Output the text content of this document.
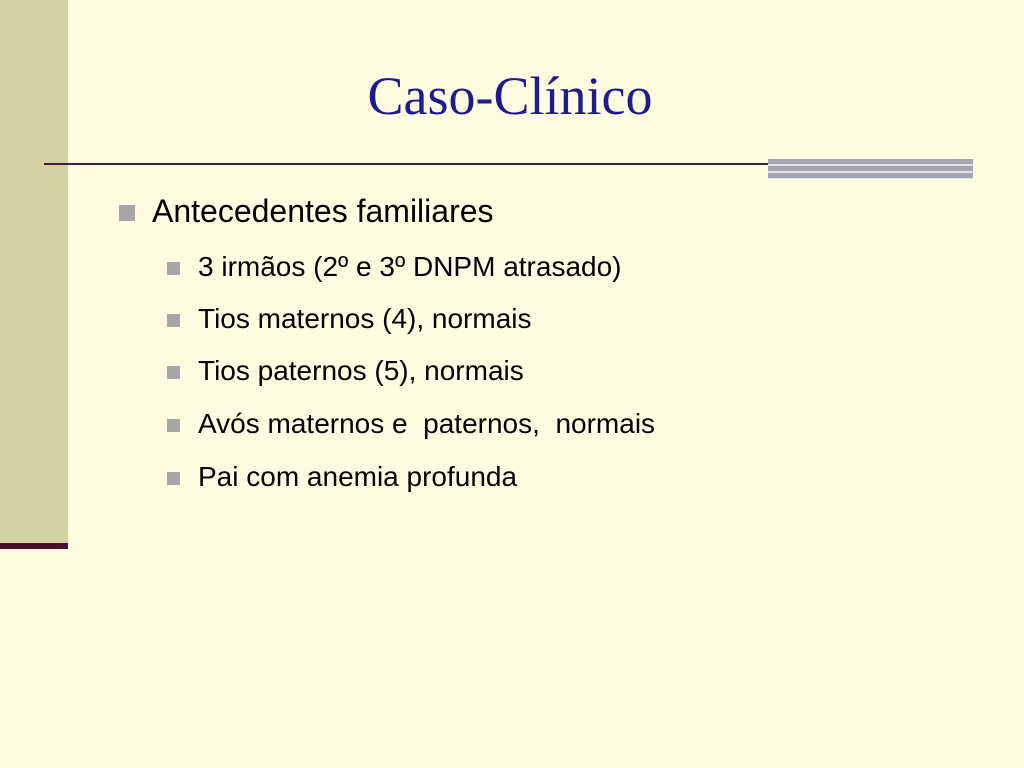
Caso-Clínico
Antecedentes familiares
3 irmãos (2º e 3º DNPM atrasado)
Tios maternos (4), normais
Tios paternos (5), normais
Avós maternos e  paternos,  normais
Pai com anemia profunda
